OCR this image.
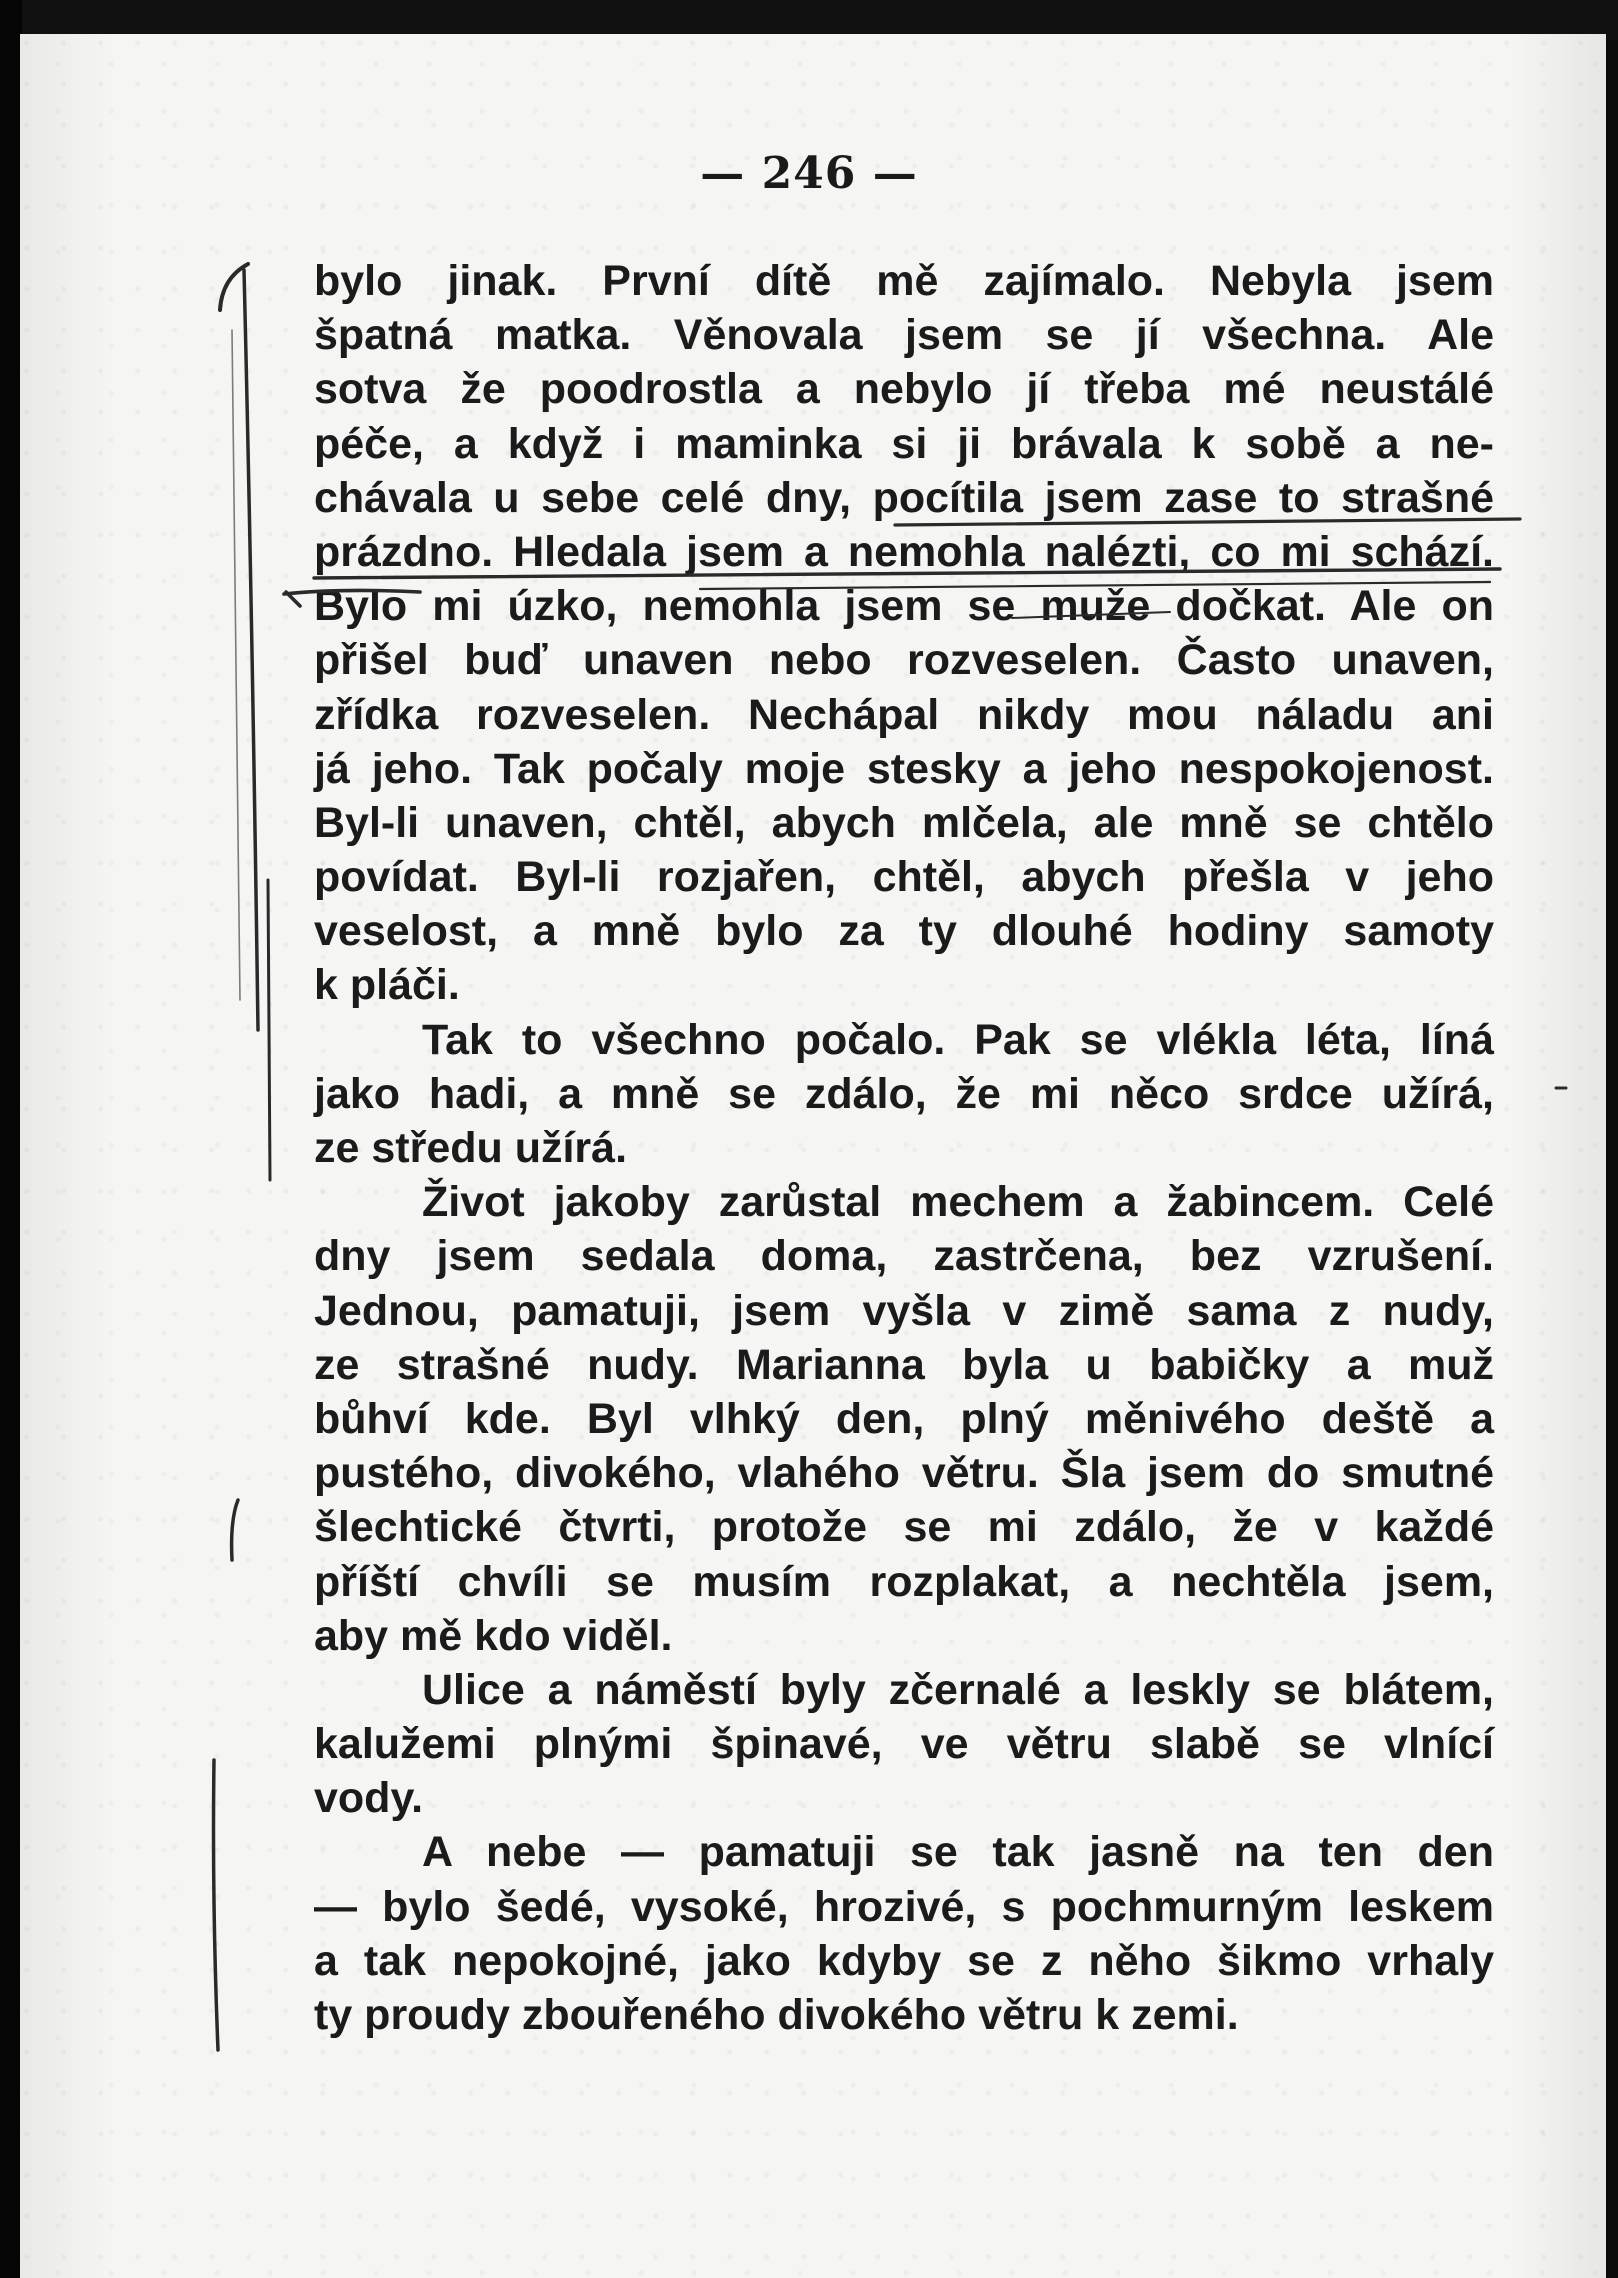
— 246 —

bylo jinak. První dítě mě zajímalo. Nebyla jsem
špatná matka. Věnovala jsem se jí všechna. Ale
sotva že poodrostla a nebylo jí třeba mé neustálé
péče, a když i maminka si ji brávala k sobě a ne-
chávala u sebe celé dny, pocítila jsem zase to strašné
prázdno. Hledala jsem a nemohla nalézti, co mi schází.
Bylo mi úzko, nemohla jsem se muže dočkat. Ale on
přišel buď unaven nebo rozveselen. Často unaven,
zřídka rozveselen. Nechápal nikdy mou náladu ani
já jeho. Tak počaly moje stesky a jeho nespokojenost.
Byl-li unaven, chtěl, abych mlčela, ale mně se chtělo
povídat. Byl-li rozjařen, chtěl, abych přešla v jeho
veselost, a mně bylo za ty dlouhé hodiny samoty
k pláči.

Tak to všechno počalo. Pak se vlékla léta, líná
jako hadi, a mně se zdálo, že mi něco srdce užírá,
ze středu užírá.

Život jakoby zarůstal mechem a žabincem. Celé
dny jsem sedala doma, zastrčena, bez vzrušení.
Jednou, pamatuji, jsem vyšla v zimě sama z nudy,
ze strašné nudy. Marianna byla u babičky a muž
bůhví kde. Byl vlhký den, plný měnivého deště a
pustého, divokého, vlahého větru. Šla jsem do smutné
šlechtické čtvrti, protože se mi zdálo, že v každé
příští chvíli se musím rozplakat, a nechtěla jsem,
aby mě kdo viděl.

Ulice a náměstí byly zčernalé a leskly se blátem,
kalužemi plnými špinavé, ve větru slabě se vlnící
vody.

A nebe — pamatuji se tak jasně na ten den
— bylo šedé, vysoké, hrozivé, s pochmurným leskem
a tak nepokojné, jako kdyby se z něho šikmo vrhaly
ty proudy zbouřeného divokého větru k zemi.
